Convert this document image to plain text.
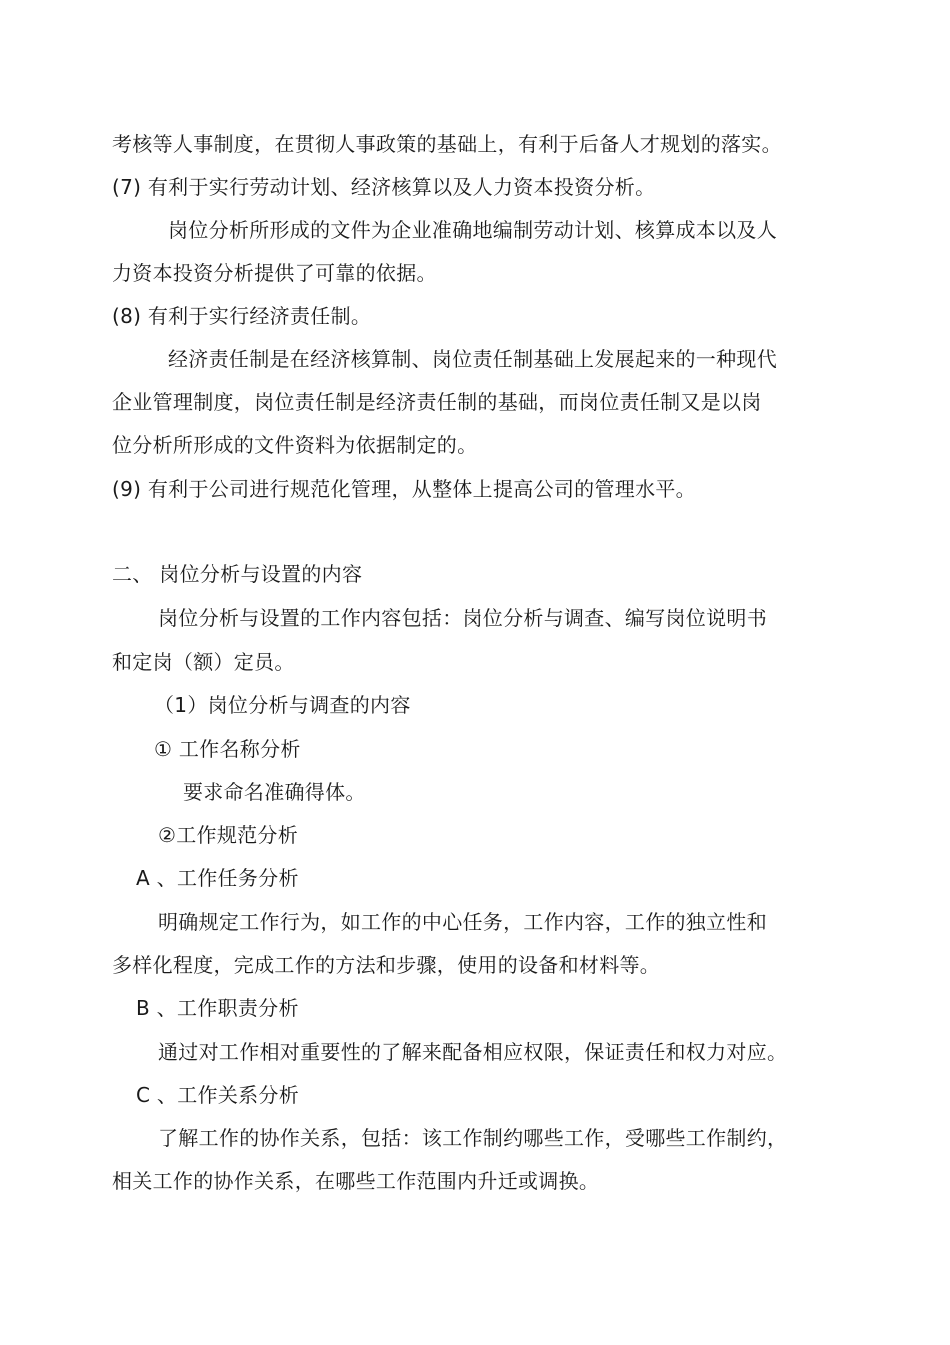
考核等人事制度，在贯彻人事政策的基础上，有利于后备人才规划的落实。
(7) 有利于实行劳动计划、经济核算以及人力资本投资分析。
岗位分析所形成的文件为企业准确地编制劳动计划、核算成本以及人
力资本投资分析提供了可靠的依据。
(8) 有利于实行经济责任制。
经济责任制是在经济核算制、岗位责任制基础上发展起来的一种现代
企业管理制度，岗位责任制是经济责任制的基础，而岗位责任制又是以岗
位分析所形成的文件资料为依据制定的。
(9) 有利于公司进行规范化管理，从整体上提高公司的管理水平。
二、 岗位分析与设置的内容
岗位分析与设置的工作内容包括：岗位分析与调查、编写岗位说明书
和定岗（额）定员。
（1）岗位分析与调查的内容
① 工作名称分析
要求命名准确得体。
②工作规范分析
A 、工作任务分析
明确规定工作行为，如工作的中心任务，工作内容，工作的独立性和
多样化程度，完成工作的方法和步骤，使用的设备和材料等。
B 、工作职责分析
通过对工作相对重要性的了解来配备相应权限，保证责任和权力对应。
C 、工作关系分析
了解工作的协作关系，包括：该工作制约哪些工作，受哪些工作制约，
相关工作的协作关系，在哪些工作范围内升迁或调换。
